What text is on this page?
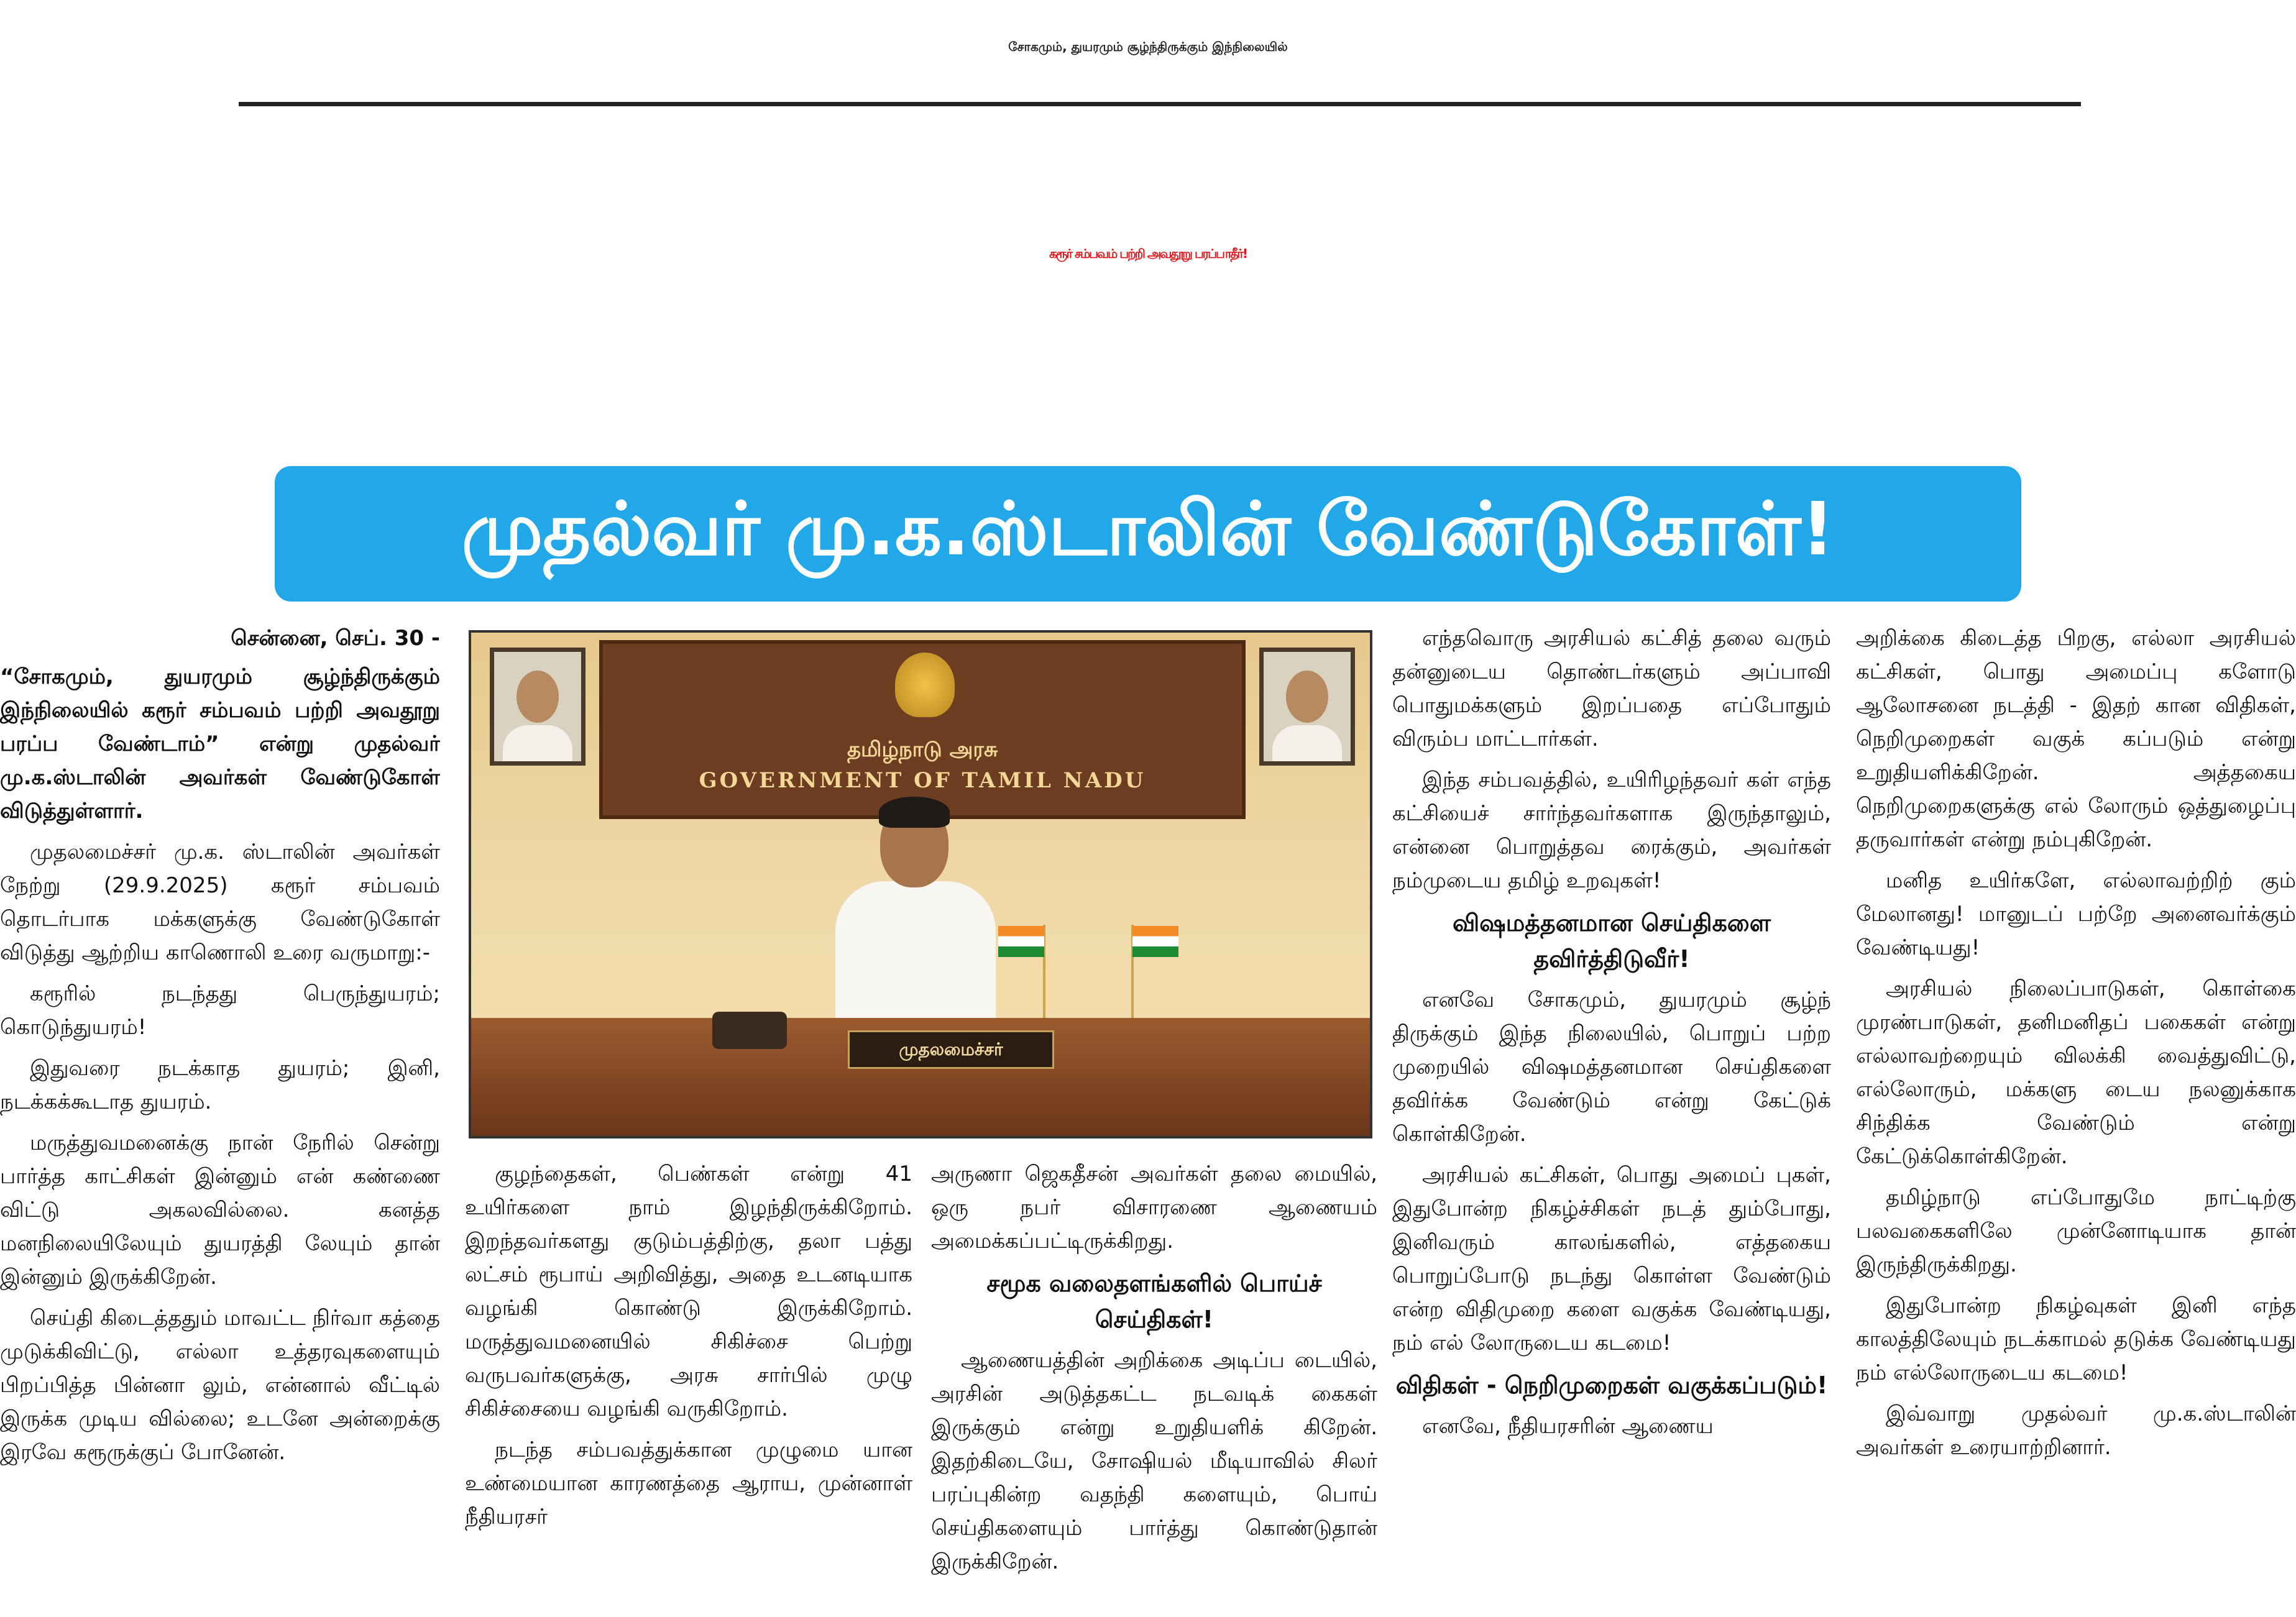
சோகமும், துயரமும் சூழ்ந்திருக்கும் இந்நிலையில்
கரூர் சம்பவம் பற்றி அவதூறு பரப்பாதீர்!
முதல்வர் மு.க.ஸ்டாலின் வேண்டுகோள்!
சென்னை, செப். 30 -

“சோகமும், துயரமும் சூழ்ந்திருக்கும் இந்நிலையில் கரூர் சம்பவம் பற்றி அவதூறு பரப்ப வேண்டாம்” என்று முதல்வர் மு.க.ஸ்டாலின் அவர்கள் வேண்டுகோள் விடுத்துள்ளார்.

முதலமைச்சர் மு.க. ஸ்டாலின் அவர்கள் நேற்று (29.9.2025) கரூர் சம்பவம் தொடர்பாக மக்களுக்கு வேண்டுகோள் விடுத்து ஆற்றிய காணொலி உரை வருமாறு:-

கரூரில் நடந்தது பெருந்துயரம்; கொடுந்துயரம்!

இதுவரை நடக்காத துயரம்; இனி, நடக்கக்கூடாத துயரம்.

மருத்துவமனைக்கு நான் நேரில் சென்று பார்த்த காட்சிகள் இன்னும் என் கண்ணை விட்டு அகலவில்லை. கனத்த மனநிலையிலேயும் துயரத்தி லேயும் தான் இன்னும் இருக்கிறேன்.

செய்தி கிடைத்ததும் மாவட்ட நிர்வா கத்தை முடுக்கிவிட்டு, எல்லா உத்தரவுகளையும் பிறப்பித்த பின்னா லும், என்னால் வீட்டில் இருக்க முடிய வில்லை; உடனே அன்றைக்கு இரவே கரூருக்குப் போனேன்.

தமிழ்நாடு அரசு
GOVERNMENT OF TAMIL NADU
முதலமைச்சர்

குழந்தைகள், பெண்கள் என்று 41 உயிர்களை நாம் இழந்திருக்கிறோம். இறந்தவர்களது குடும்பத்திற்கு, தலா பத்து லட்சம் ரூபாய் அறிவித்து, அதை உடனடியாக வழங்கி கொண்டு இருக்கிறோம். மருத்துவமனையில் சிகிச்சை பெற்று வருபவர்களுக்கு, அரசு சார்பில் முழு சிகிச்சையை வழங்கி வருகிறோம்.

நடந்த சம்பவத்துக்கான முழுமை யான உண்மையான காரணத்தை ஆராய, முன்னாள் நீதியரசர்

அருணா ஜெகதீசன் அவர்கள் தலை மையில், ஒரு நபர் விசாரணை ஆணையம் அமைக்கப்பட்டிருக்கிறது.

சமூக வலைதளங்களில் பொய்ச் செய்திகள்!

ஆணையத்தின் அறிக்கை அடிப்ப டையில், அரசின் அடுத்தகட்ட நடவடிக் கைகள் இருக்கும் என்று உறுதியளிக் கிறேன். இதற்கிடையே, சோஷியல் மீடியாவில் சிலர் பரப்புகின்ற வதந்தி களையும், பொய் செய்திகளையும் பார்த்து கொண்டுதான் இருக்கிறேன்.

எந்தவொரு அரசியல் கட்சித் தலை வரும் தன்னுடைய தொண்டர்களும் அப்பாவி பொதுமக்களும் இறப்பதை எப்போதும் விரும்ப மாட்டார்கள்.

இந்த சம்பவத்தில், உயிரிழந்தவர் கள் எந்த கட்சியைச் சார்ந்தவர்களாக இருந்தாலும், என்னை பொறுத்தவ ரைக்கும், அவர்கள் நம்முடைய தமிழ் உறவுகள்!

விஷமத்தனமான செய்திகளை தவிர்த்திடுவீர்!

எனவே சோகமும், துயரமும் சூழ்ந் திருக்கும் இந்த நிலையில், பொறுப் பற்ற முறையில் விஷமத்தனமான செய்திகளை தவிர்க்க வேண்டும் என்று கேட்டுக் கொள்கிறேன்.

அரசியல் கட்சிகள், பொது அமைப் புகள், இதுபோன்ற நிகழ்ச்சிகள் நடத் தும்போது, இனிவரும் காலங்களில், எத்தகைய பொறுப்போடு நடந்து கொள்ள வேண்டும் என்ற விதிமுறை களை வகுக்க வேண்டியது, நம் எல் லோருடைய கடமை!

விதிகள் - நெறிமுறைகள் வகுக்கப்படும்!

எனவே, நீதியரசரின் ஆணைய

அறிக்கை கிடைத்த பிறகு, எல்லா அரசியல் கட்சிகள், பொது அமைப்பு களோடு ஆலோசனை நடத்தி - இதற் கான விதிகள், நெறிமுறைகள் வகுக் கப்படும் என்று உறுதியளிக்கிறேன். அத்தகைய நெறிமுறைகளுக்கு எல் லோரும் ஒத்துழைப்பு தருவார்கள் என்று நம்புகிறேன்.

மனித உயிர்களே, எல்லாவற்றிற் கும் மேலானது! மானுடப் பற்றே அனைவர்க்கும் வேண்டியது!

அரசியல் நிலைப்பாடுகள், கொள்கை முரண்பாடுகள், தனிமனிதப் பகைகள் என்று எல்லாவற்றையும் விலக்கி வைத்துவிட்டு, எல்லோரும், மக்களு டைய நலனுக்காக சிந்திக்க வேண்டும் என்று கேட்டுக்கொள்கிறேன்.

தமிழ்நாடு எப்போதுமே நாட்டிற்கு பலவகைகளிலே முன்னோடியாக தான் இருந்திருக்கிறது.

இதுபோன்ற நிகழ்வுகள் இனி எந்த காலத்திலேயும் நடக்காமல் தடுக்க வேண்டியது நம் எல்லோருடைய கடமை!

இவ்வாறு முதல்வர் மு.க.ஸ்டாலின் அவர்கள் உரையாற்றினார்.
